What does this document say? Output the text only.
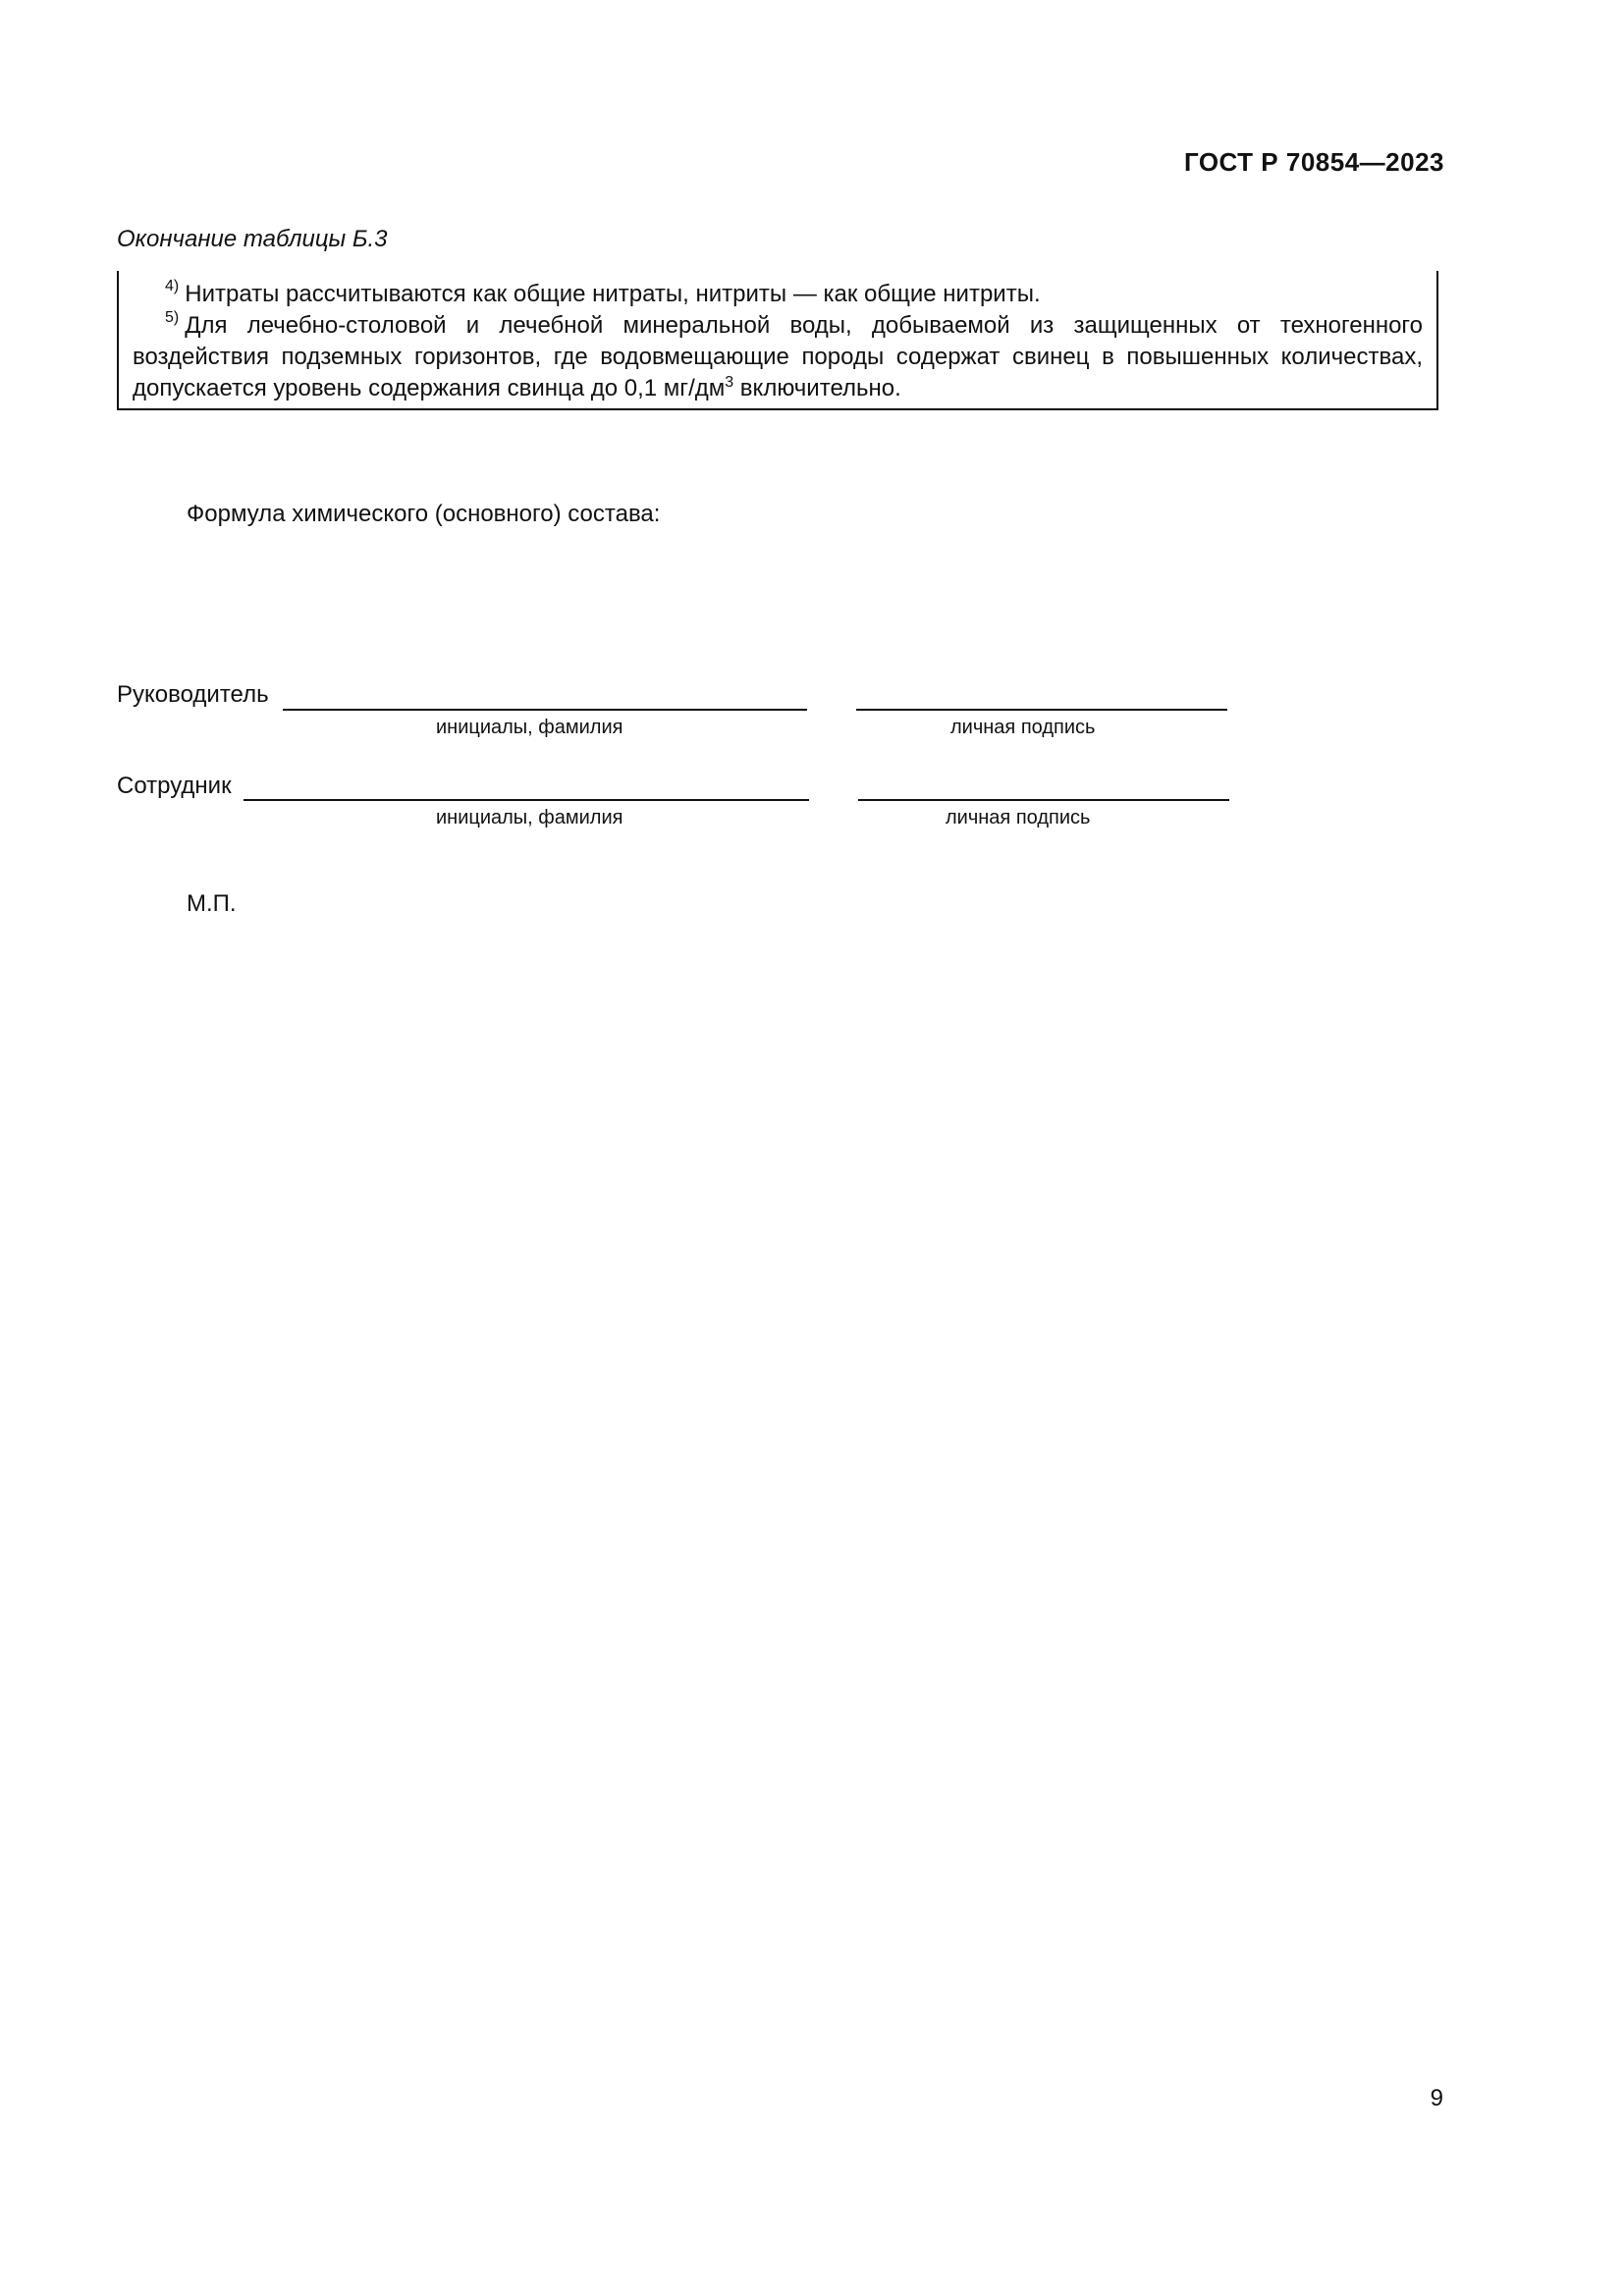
ГОСТ Р 70854—2023
Окончание таблицы Б.3
$^{4)}$ Нитраты рассчитываются как общие нитраты, нитриты — как общие нитриты.
$^{5)}$ Для лечебно-столовой и лечебной минеральной воды, добываемой из защищенных от техногенного воздействия подземных горизонтов, где водовмещающие породы содержат свинец в повышенных количествах, допускается уровень содержания свинца до 0,1 $мг/дм^3$ включительно.
Формула химического (основного) состава:
Руководитель
инициалы, фамилия	личная подпись
Сотрудник
инициалы, фамилия	личная подпись
М.П.
9
